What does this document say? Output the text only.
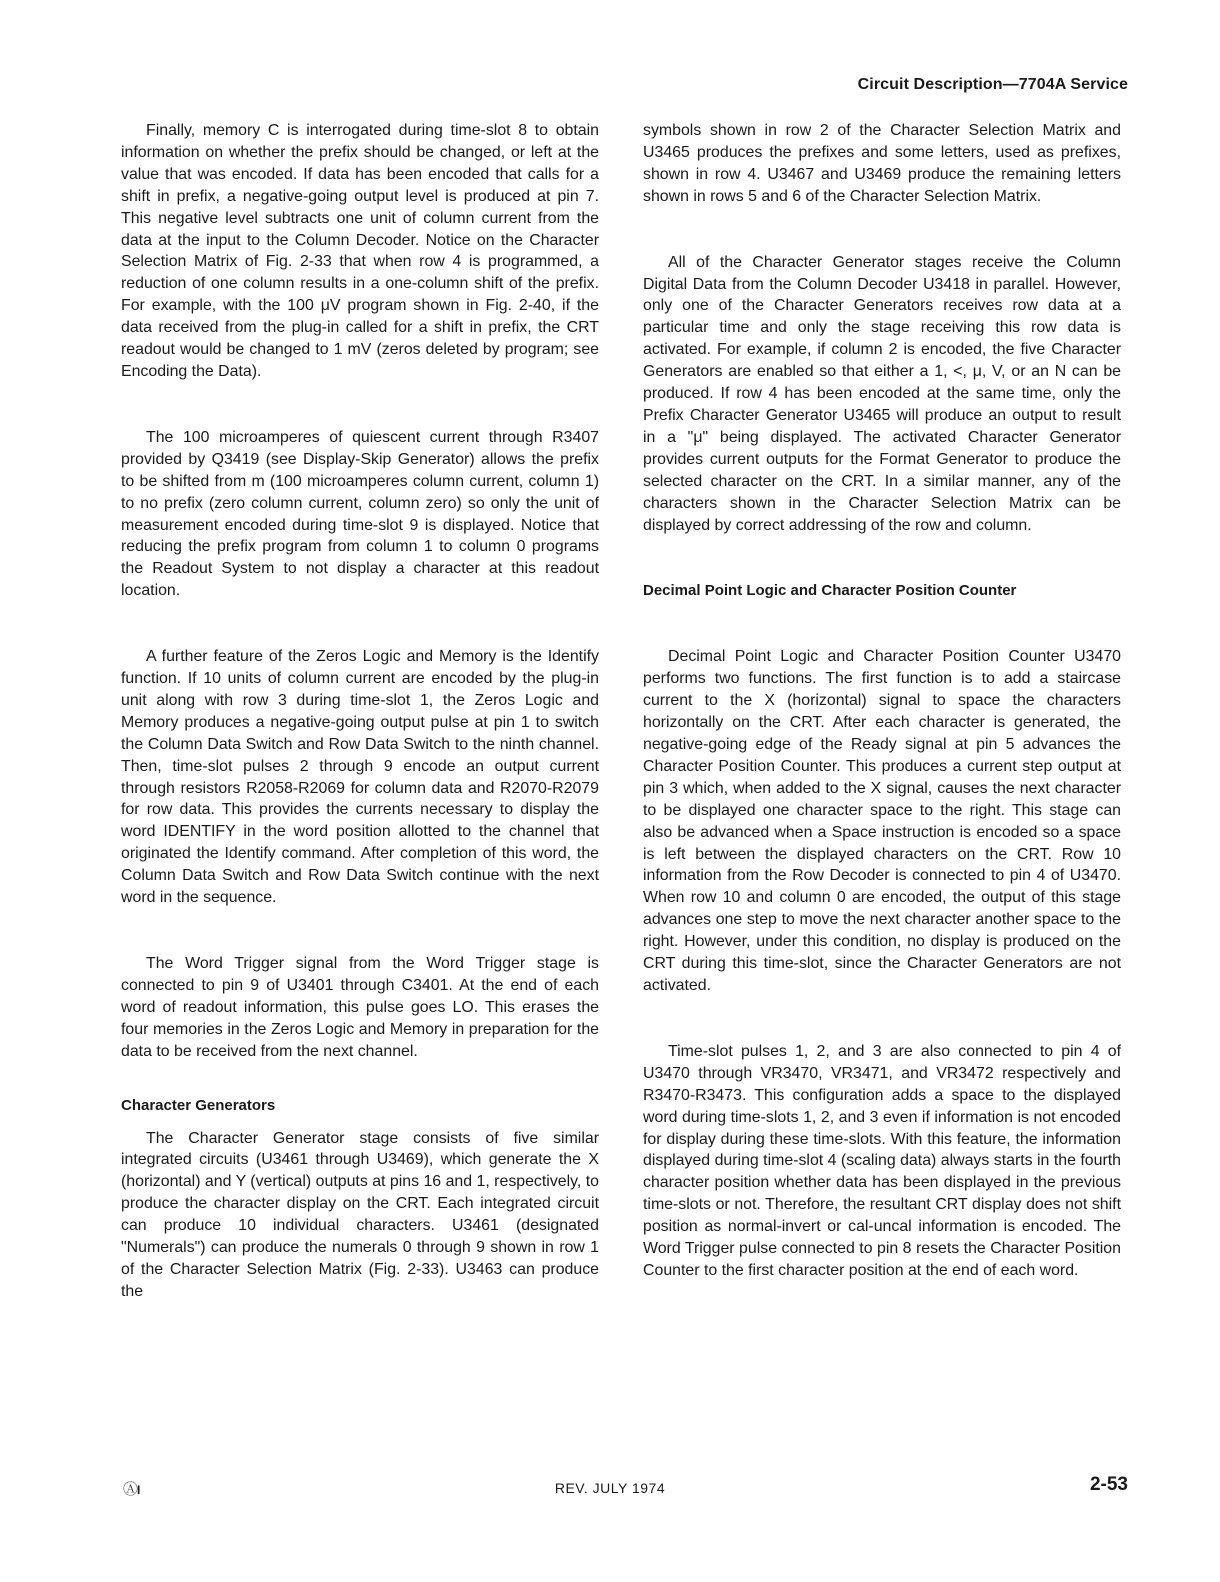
Circuit Description—7704A Service

Finally, memory C is interrogated during time-slot 8 to obtain information on whether the prefix should be changed, or left at the value that was encoded. If data has been encoded that calls for a shift in prefix, a negative-going output level is produced at pin 7. This negative level subtracts one unit of column current from the data at the input to the Column Decoder. Notice on the Character Selection Matrix of Fig. 2-33 that when row 4 is programmed, a reduction of one column results in a one-column shift of the prefix. For example, with the 100 μV program shown in Fig. 2-40, if the data received from the plug-in called for a shift in prefix, the CRT readout would be changed to 1 mV (zeros deleted by program; see Encoding the Data).

The 100 microamperes of quiescent current through R3407 provided by Q3419 (see Display-Skip Generator) allows the prefix to be shifted from m (100 microamperes column current, column 1) to no prefix (zero column current, column zero) so only the unit of measurement encoded during time-slot 9 is displayed. Notice that reducing the prefix program from column 1 to column 0 programs the Readout System to not display a character at this readout location.

A further feature of the Zeros Logic and Memory is the Identify function. If 10 units of column current are encoded by the plug-in unit along with row 3 during time-slot 1, the Zeros Logic and Memory produces a negative-going output pulse at pin 1 to switch the Column Data Switch and Row Data Switch to the ninth channel. Then, time-slot pulses 2 through 9 encode an output current through resistors R2058-R2069 for column data and R2070-R2079 for row data. This provides the currents necessary to display the word IDENTIFY in the word position allotted to the channel that originated the Identify command. After completion of this word, the Column Data Switch and Row Data Switch continue with the next word in the sequence.

The Word Trigger signal from the Word Trigger stage is connected to pin 9 of U3401 through C3401. At the end of each word of readout information, this pulse goes LO. This erases the four memories in the Zeros Logic and Memory in preparation for the data to be received from the next channel.

Character Generators

The Character Generator stage consists of five similar integrated circuits (U3461 through U3469), which generate the X (horizontal) and Y (vertical) outputs at pins 16 and 1, respectively, to produce the character display on the CRT. Each integrated circuit can produce 10 individual characters. U3461 (designated "Numerals") can produce the numerals 0 through 9 shown in row 1 of the Character Selection Matrix (Fig. 2-33). U3463 can produce the

symbols shown in row 2 of the Character Selection Matrix and U3465 produces the prefixes and some letters, used as prefixes, shown in row 4. U3467 and U3469 produce the remaining letters shown in rows 5 and 6 of the Character Selection Matrix.

All of the Character Generator stages receive the Column Digital Data from the Column Decoder U3418 in parallel. However, only one of the Character Generators receives row data at a particular time and only the stage receiving this row data is activated. For example, if column 2 is encoded, the five Character Generators are enabled so that either a 1, <, μ, V, or an N can be produced. If row 4 has been encoded at the same time, only the Prefix Character Generator U3465 will produce an output to result in a "μ" being displayed. The activated Character Generator provides current outputs for the Format Generator to produce the selected character on the CRT. In a similar manner, any of the characters shown in the Character Selection Matrix can be displayed by correct addressing of the row and column.

Decimal Point Logic and Character Position Counter

Decimal Point Logic and Character Position Counter U3470 performs two functions. The first function is to add a staircase current to the X (horizontal) signal to space the characters horizontally on the CRT. After each character is generated, the negative-going edge of the Ready signal at pin 5 advances the Character Position Counter. This produces a current step output at pin 3 which, when added to the X signal, causes the next character to be displayed one character space to the right. This stage can also be advanced when a Space instruction is encoded so a space is left between the displayed characters on the CRT. Row 10 information from the Row Decoder is connected to pin 4 of U3470. When row 10 and column 0 are encoded, the output of this stage advances one step to move the next character another space to the right. However, under this condition, no display is produced on the CRT during this time-slot, since the Character Generators are not activated.

Time-slot pulses 1, 2, and 3 are also connected to pin 4 of U3470 through VR3470, VR3471, and VR3472 respectively and R3470-R3473. This configuration adds a space to the displayed word during time-slots 1, 2, and 3 even if information is not encoded for display during these time-slots. With this feature, the information displayed during time-slot 4 (scaling data) always starts in the fourth character position whether data has been displayed in the previous time-slots or not. Therefore, the resultant CRT display does not shift position as normal-invert or cal-uncal information is encoded. The Word Trigger pulse connected to pin 8 resets the Character Position Counter to the first character position at the end of each word.

ⒶI	REV. JULY 1974	2-53
